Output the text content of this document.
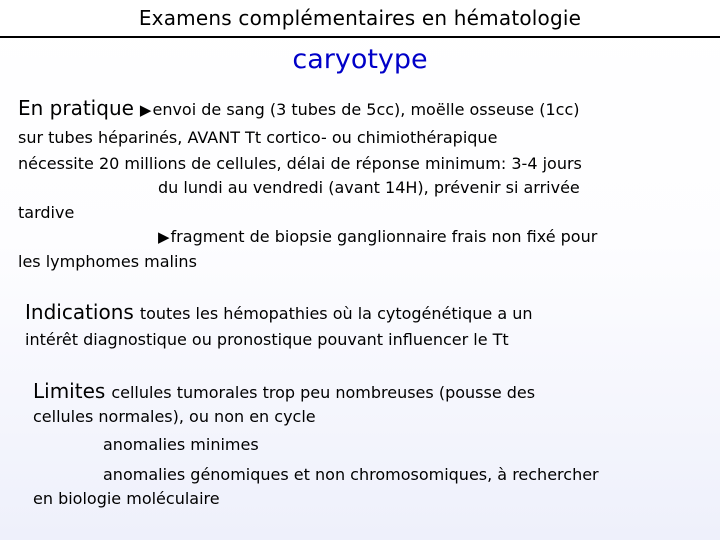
Examens complémentaires en hématologie
caryotype
En pratique ▶envoi de sang (3 tubes de 5cc), moëlle osseuse (1cc)
sur tubes héparinés, AVANT Tt cortico- ou chimiothérapique
nécessite 20 millions de cellules, délai de réponse minimum: 3-4 jours
du lundi au vendredi (avant 14H), prévenir si arrivée
tardive
▶fragment de biopsie ganglionnaire frais non fixé pour
les lymphomes malins
Indications toutes les hémopathies où la cytogénétique a un
intérêt diagnostique ou pronostique pouvant influencer le Tt
Limites cellules tumorales trop peu nombreuses (pousse des
cellules normales), ou non en cycle
anomalies minimes
anomalies génomiques et non chromosomiques, à rechercher
en biologie moléculaire
